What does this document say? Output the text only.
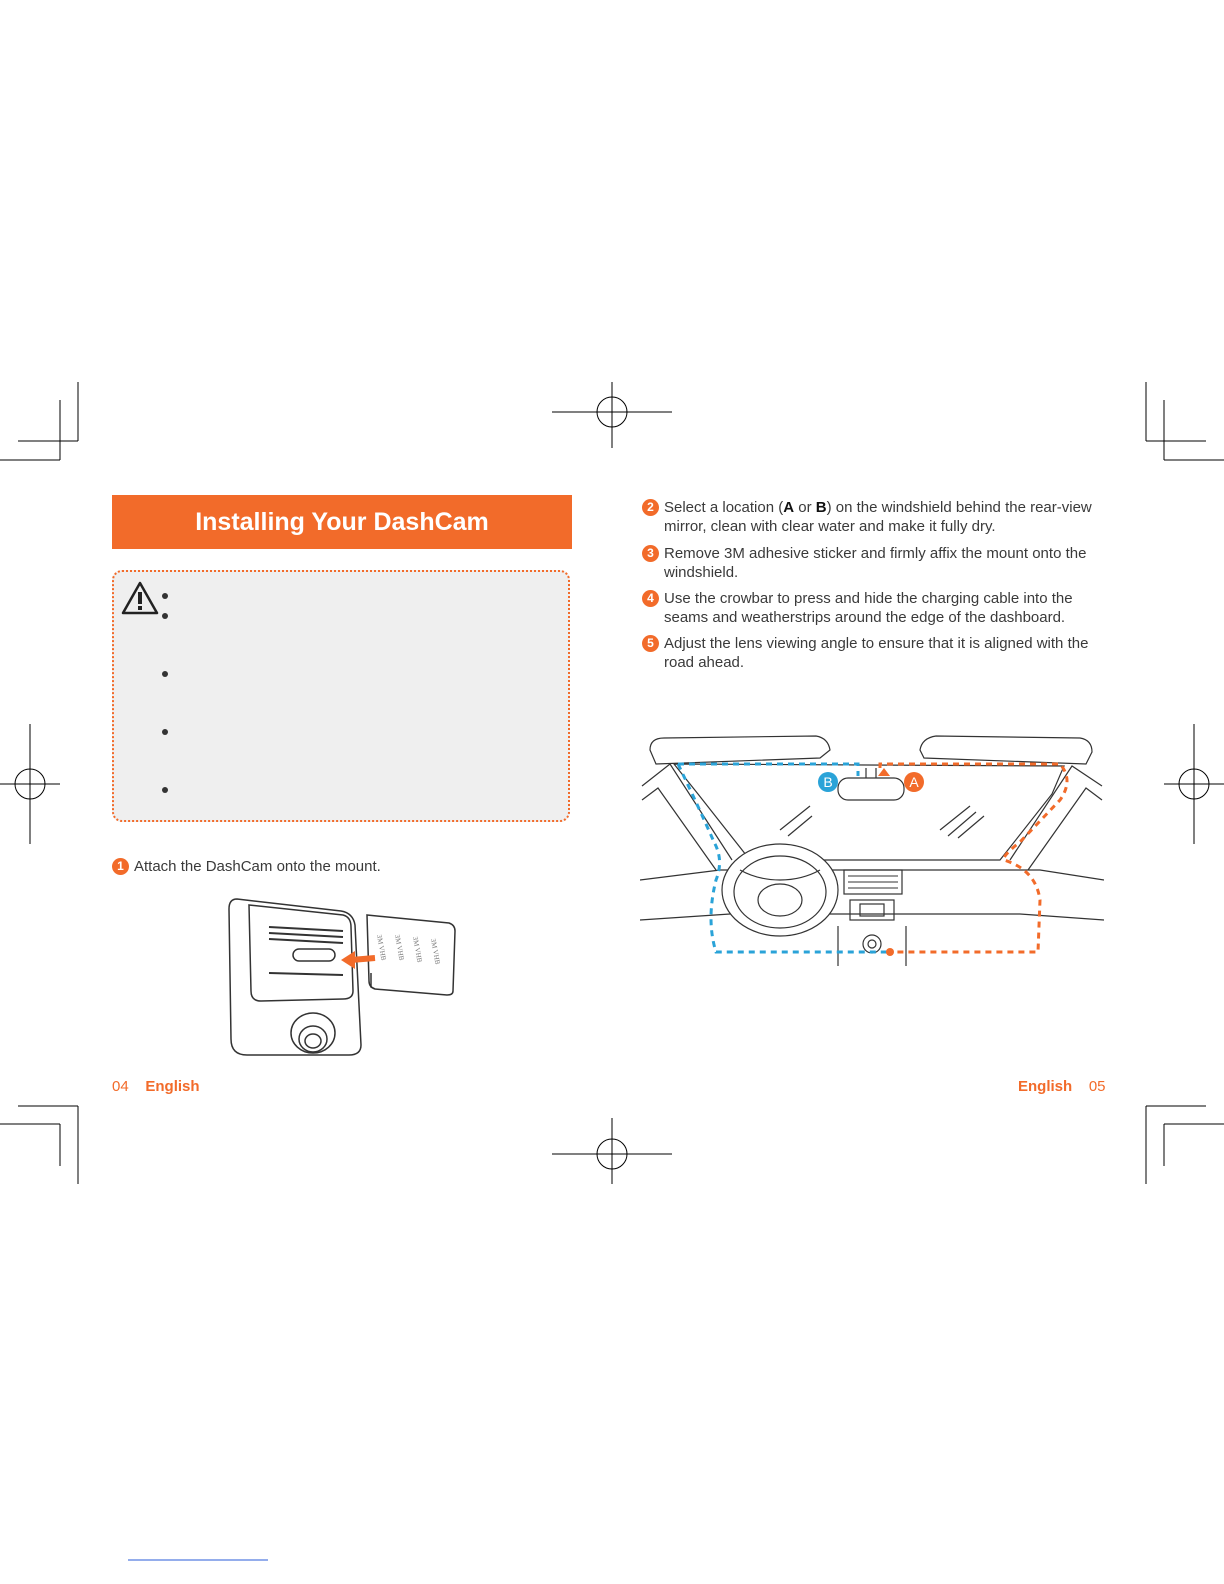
Installing Your DashCam
1 Attach the DashCam onto the mount.
3M VHB 3M VHB 3M VHB 3M VHB
04 English
2 Select a location (A or B) on the windshield behind the rear-view mirror, clean with clear water and make it fully dry.
3 Remove 3M adhesive sticker and firmly affix the mount onto the windshield.
4 Use the crowbar to press and hide the charging cable into the seams and weatherstrips around the edge of the dashboard.
5 Adjust the lens viewing angle to ensure that it is aligned with the road ahead.
B	A
English 05
